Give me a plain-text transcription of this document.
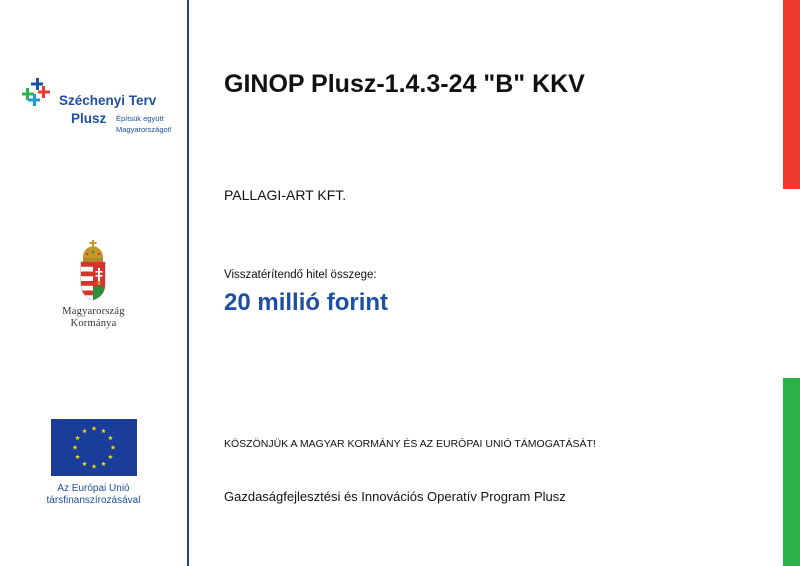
Széchenyi Terv
Plusz Építsük együtt
Magyarországot!
Magyarország
Kormánya
Az Európai Unió
társfinanszírozásával
GINOP Plusz-1.4.3-24 "B" KKV
PALLAGI-ART KFT.
Visszatérítendő hitel összege:
20 millió forint
KÖSZÖNJÜK A MAGYAR KORMÁNY ÉS AZ EURÓPAI UNIÓ TÁMOGATÁSÁT!
Gazdaságfejlesztési és Innovációs Operatív Program Plusz
